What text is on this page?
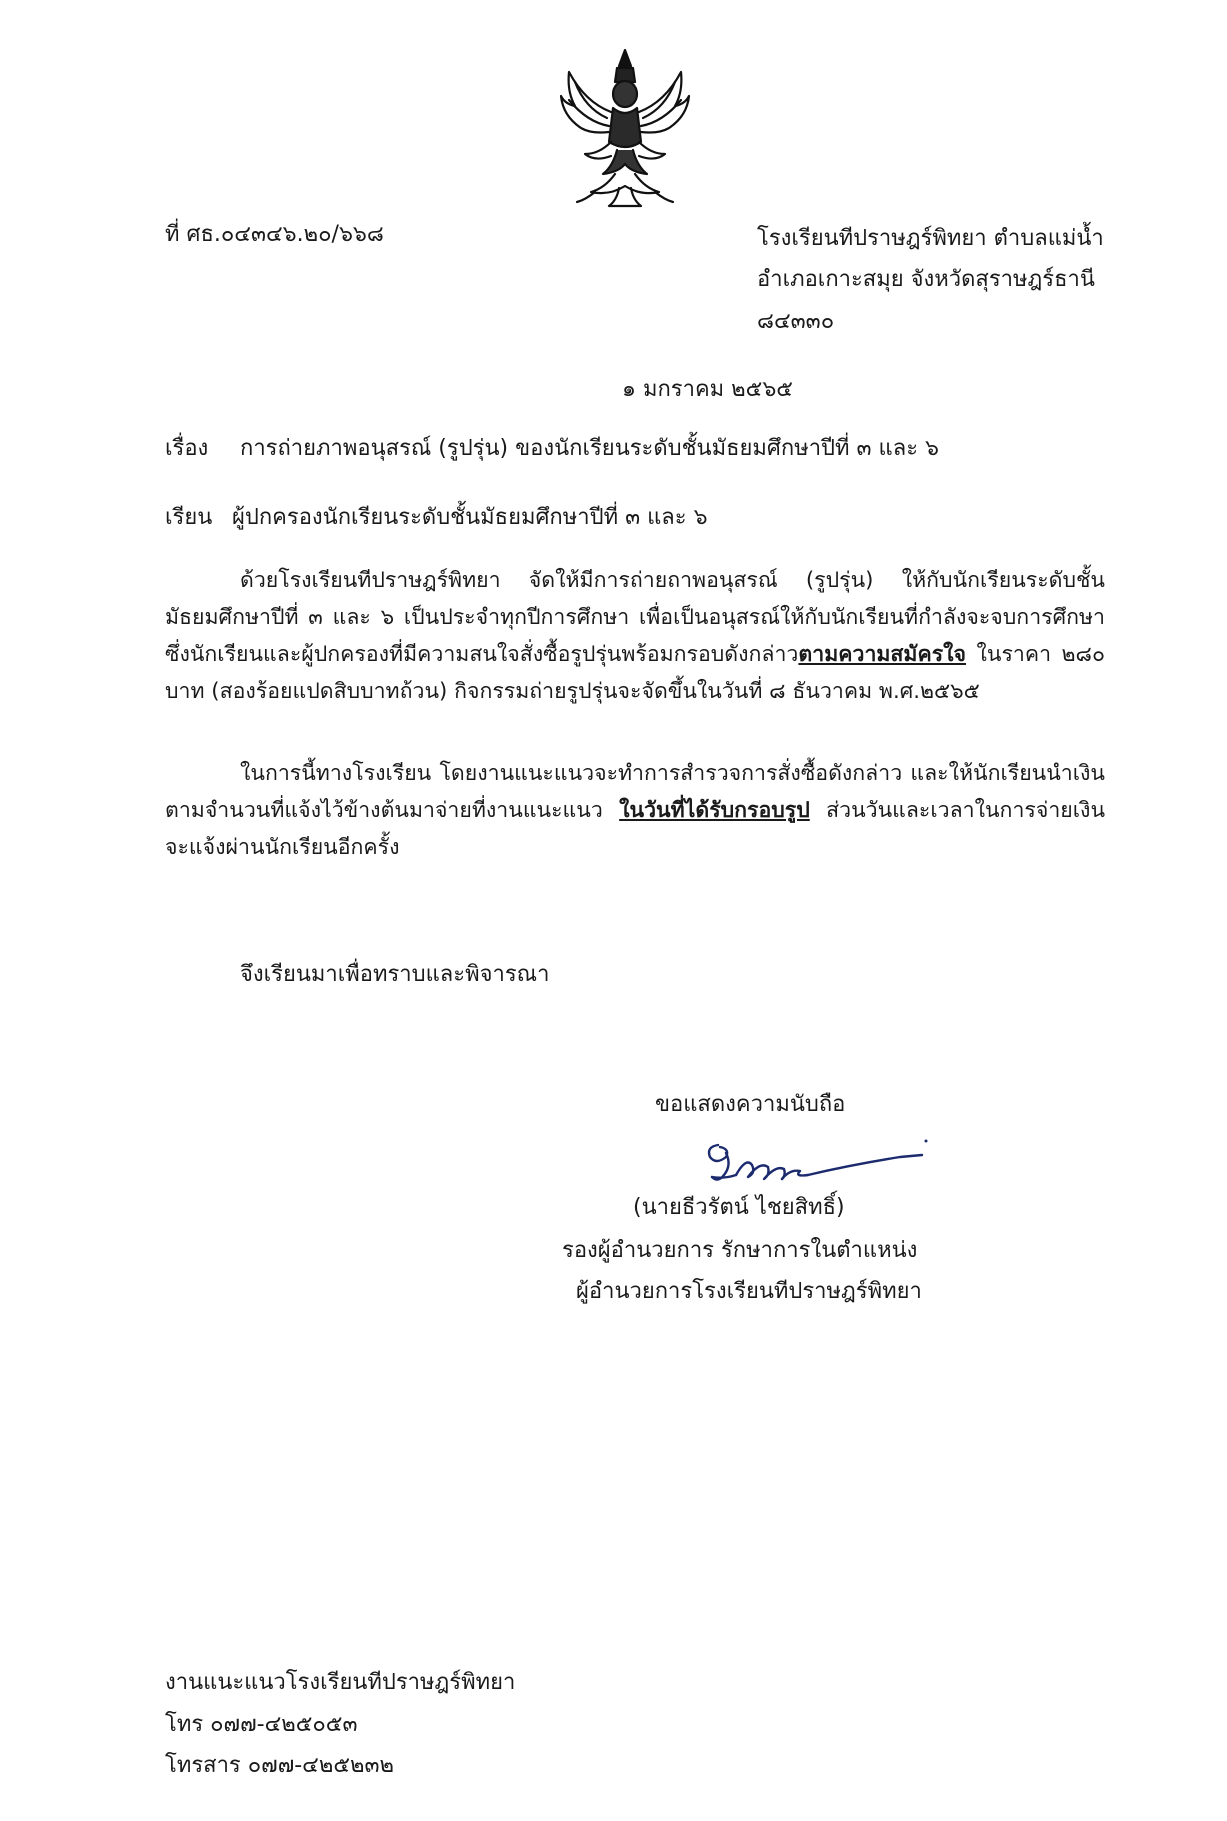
ที่ ศธ.๐๔๓๔๖.๒๐/๖๖๘	โรงเรียนทีปราษฎร์พิทยา ตำบลแม่น้ำ
อำเภอเกาะสมุย จังหวัดสุราษฎร์ธานี
๘๔๓๓๐
๑ มกราคม ๒๕๖๕
เรื่อง การถ่ายภาพอนุสรณ์ (รูปรุ่น) ของนักเรียนระดับชั้นมัธยมศึกษาปีที่ ๓ และ ๖
เรียน ผู้ปกครองนักเรียนระดับชั้นมัธยมศึกษาปีที่ ๓ และ ๖
ด้วยโรงเรียนทีปราษฎร์พิทยา จัดให้มีการถ่ายถาพอนุสรณ์ (รูปรุ่น) ให้กับนักเรียนระดับชั้นมัธยมศึกษาปีที่ ๓ และ ๖ เป็นประจำทุกปีการศึกษา เพื่อเป็นอนุสรณ์ให้กับนักเรียนที่กำลังจะจบการศึกษา ซึ่งนักเรียนและผู้ปกครองที่มีความสนใจสั่งซื้อรูปรุ่นพร้อมกรอบดังกล่าวตามความสมัครใจ ในราคา ๒๘๐ บาท (สองร้อยแปดสิบบาทถ้วน) กิจกรรมถ่ายรูปรุ่นจะจัดขึ้นในวันที่ ๘ ธันวาคม พ.ศ.๒๕๖๕
ในการนี้ทางโรงเรียน โดยงานแนะแนวจะทำการสำรวจการสั่งซื้อดังกล่าว และให้นักเรียนนำเงินตามจำนวนที่แจ้งไว้ข้างต้นมาจ่ายที่งานแนะแนว ในวันที่ได้รับกรอบรูป ส่วนวันและเวลาในการจ่ายเงินจะแจ้งผ่านนักเรียนอีกครั้ง
จึงเรียนมาเพื่อทราบและพิจารณา
ขอแสดงความนับถือ
(นายธีวรัตน์ ไชยสิทธิ์)
รองผู้อำนวยการ รักษาการในตำแหน่ง
ผู้อำนวยการโรงเรียนทีปราษฎร์พิทยา
งานแนะแนวโรงเรียนทีปราษฎร์พิทยา
โทร ๐๗๗-๔๒๕๐๕๓
โทรสาร ๐๗๗-๔๒๕๒๓๒
